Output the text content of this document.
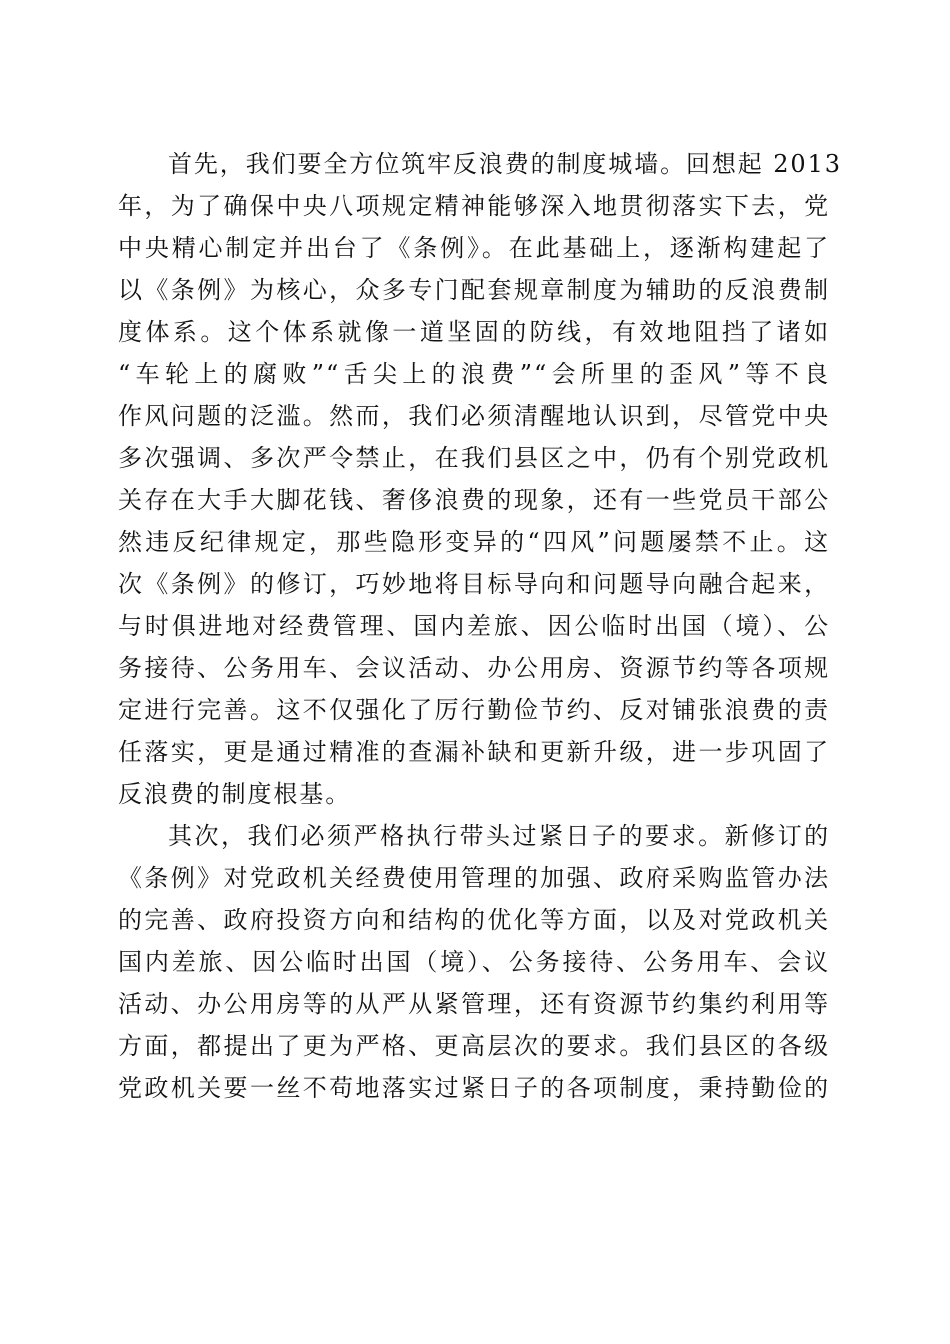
首先，我们要全方位筑牢反浪费的制度城墙。回想起 2013
年，为了确保中央八项规定精神能够深入地贯彻落实下去，党
中央精心制定并出台了《条例》。在此基础上，逐渐构建起了
以《条例》为核心，众多专门配套规章制度为辅助的反浪费制
度体系。这个体系就像一道坚固的防线，有效地阻挡了诸如
“车轮上的腐败”“舌尖上的浪费”“会所里的歪风”等不良
作风问题的泛滥。然而，我们必须清醒地认识到，尽管党中央
多次强调、多次严令禁止，在我们县区之中，仍有个别党政机
关存在大手大脚花钱、奢侈浪费的现象，还有一些党员干部公
然违反纪律规定，那些隐形变异的“四风”问题屡禁不止。这
次《条例》的修订，巧妙地将目标导向和问题导向融合起来，
与时俱进地对经费管理、国内差旅、因公临时出国（境）、公
务接待、公务用车、会议活动、办公用房、资源节约等各项规
定进行完善。这不仅强化了厉行勤俭节约、反对铺张浪费的责
任落实，更是通过精准的查漏补缺和更新升级，进一步巩固了
反浪费的制度根基。
其次，我们必须严格执行带头过紧日子的要求。新修订的
《条例》对党政机关经费使用管理的加强、政府采购监管办法
的完善、政府投资方向和结构的优化等方面，以及对党政机关
国内差旅、因公临时出国（境）、公务接待、公务用车、会议
活动、办公用房等的从严从紧管理，还有资源节约集约利用等
方面，都提出了更为严格、更高层次的要求。我们县区的各级
党政机关要一丝不苟地落实过紧日子的各项制度，秉持勤俭的
